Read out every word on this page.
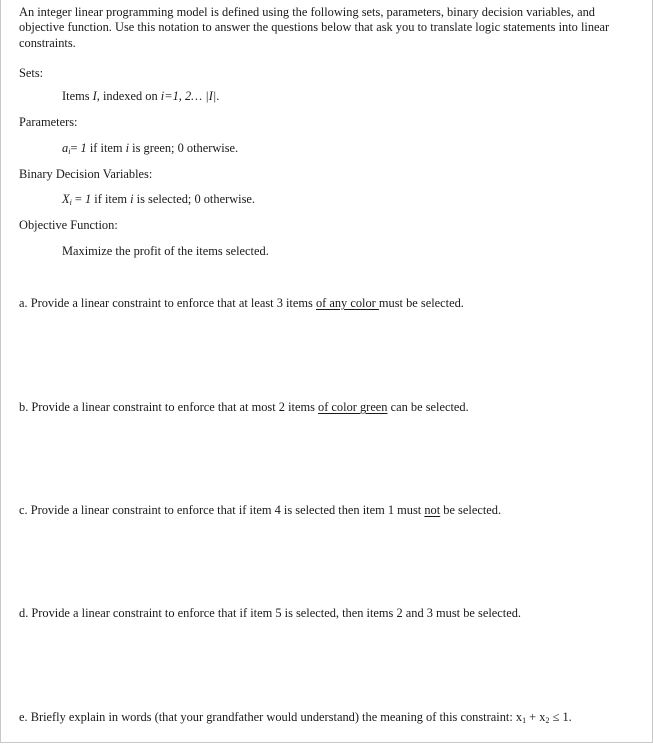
An integer linear programming model is defined using the following sets, parameters, binary decision variables, and objective function. Use this notation to answer the questions below that ask you to translate logic statements into linear constraints.
Sets:
Items I, indexed on i=1, 2… |I|.
Parameters:
$a_i= 1$ if item i is green; 0 otherwise.
Binary Decision Variables:
$X_i = 1$ if item i is selected; 0 otherwise.
Objective Function:
Maximize the profit of the items selected.
a. Provide a linear constraint to enforce that at least 3 items of any color must be selected.
b. Provide a linear constraint to enforce that at most 2 items of color green can be selected.
c. Provide a linear constraint to enforce that if item 4 is selected then item 1 must not be selected.
d. Provide a linear constraint to enforce that if item 5 is selected, then items 2 and 3 must be selected.
e. Briefly explain in words (that your grandfather would understand) the meaning of this constraint: $x_1 + x_2 \le 1$.
